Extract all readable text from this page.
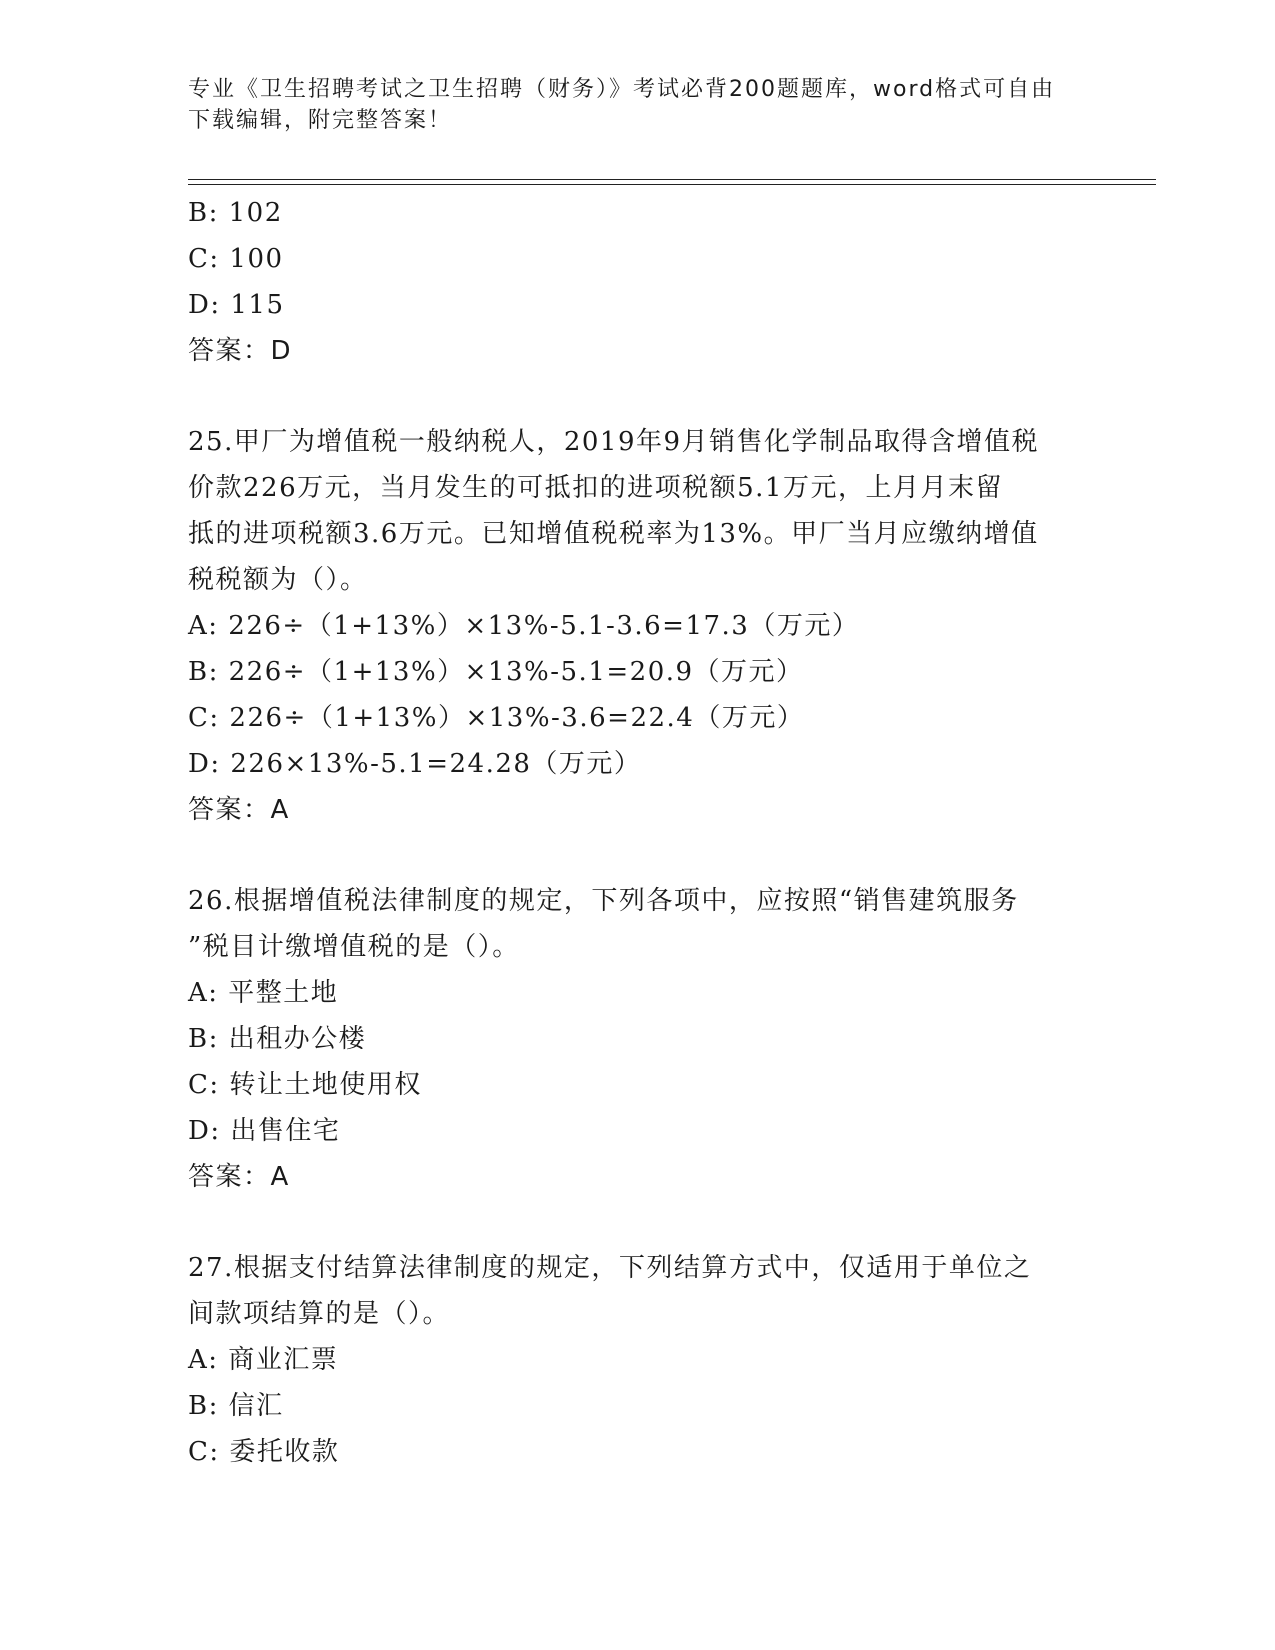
专业《卫生招聘考试之卫生招聘（财务）》考试必背200题题库，word格式可自由下载编辑，附完整答案！
B: 102
C: 100
D: 115
答案：D
25.甲厂为增值税一般纳税人，2019年9月销售化学制品取得含增值税
价款226万元，当月发生的可抵扣的进项税额5.1万元，上月月末留
抵的进项税额3.6万元。已知增值税税率为13%。甲厂当月应缴纳增值
税税额为（）。
A: 226÷（1+13%）×13%-5.1-3.6=17.3（万元）
B: 226÷（1+13%）×13%-5.1=20.9（万元）
C: 226÷（1+13%）×13%-3.6=22.4（万元）
D: 226×13%-5.1=24.28（万元）
答案：A
26.根据增值税法律制度的规定，下列各项中，应按照“销售建筑服务
”税目计缴增值税的是（）。
A: 平整土地
B: 出租办公楼
C: 转让土地使用权
D: 出售住宅
答案：A
27.根据支付结算法律制度的规定，下列结算方式中，仅适用于单位之
间款项结算的是（）。
A: 商业汇票
B: 信汇
C: 委托收款
